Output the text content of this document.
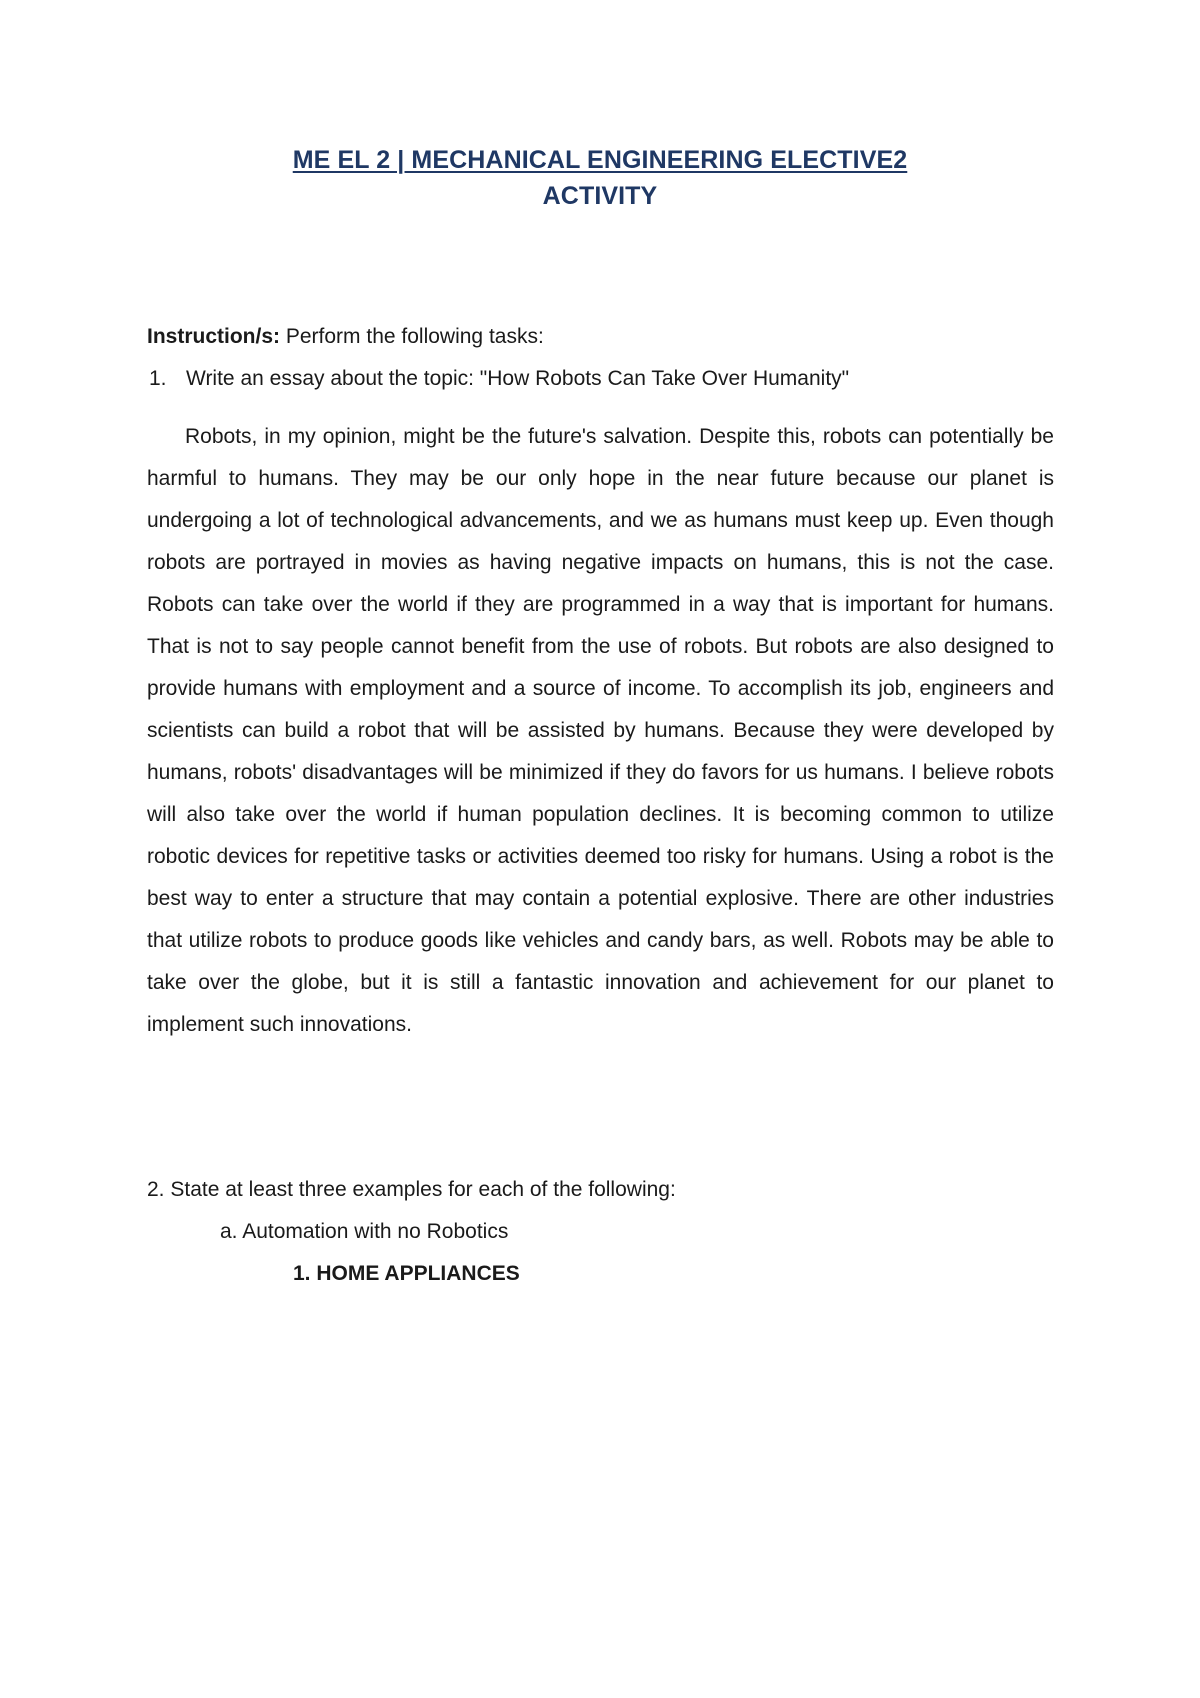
ME EL 2 | MECHANICAL ENGINEERING ELECTIVE2
ACTIVITY
Instruction/s: Perform the following tasks:
1. Write an essay about the topic: "How Robots Can Take Over Humanity"

Robots, in my opinion, might be the future's salvation. Despite this, robots can potentially be harmful to humans. They may be our only hope in the near future because our planet is undergoing a lot of technological advancements, and we as humans must keep up. Even though robots are portrayed in movies as having negative impacts on humans, this is not the case. Robots can take over the world if they are programmed in a way that is important for humans. That is not to say people cannot benefit from the use of robots. But robots are also designed to provide humans with employment and a source of income. To accomplish its job, engineers and scientists can build a robot that will be assisted by humans. Because they were developed by humans, robots' disadvantages will be minimized if they do favors for us humans. I believe robots will also take over the world if human population declines. It is becoming common to utilize robotic devices for repetitive tasks or activities deemed too risky for humans. Using a robot is the best way to enter a structure that may contain a potential explosive. There are other industries that utilize robots to produce goods like vehicles and candy bars, as well. Robots may be able to take over the globe, but it is still a fantastic innovation and achievement for our planet to implement such innovations.

2. State at least three examples for each of the following:
a. Automation with no Robotics
1. HOME APPLIANCES
